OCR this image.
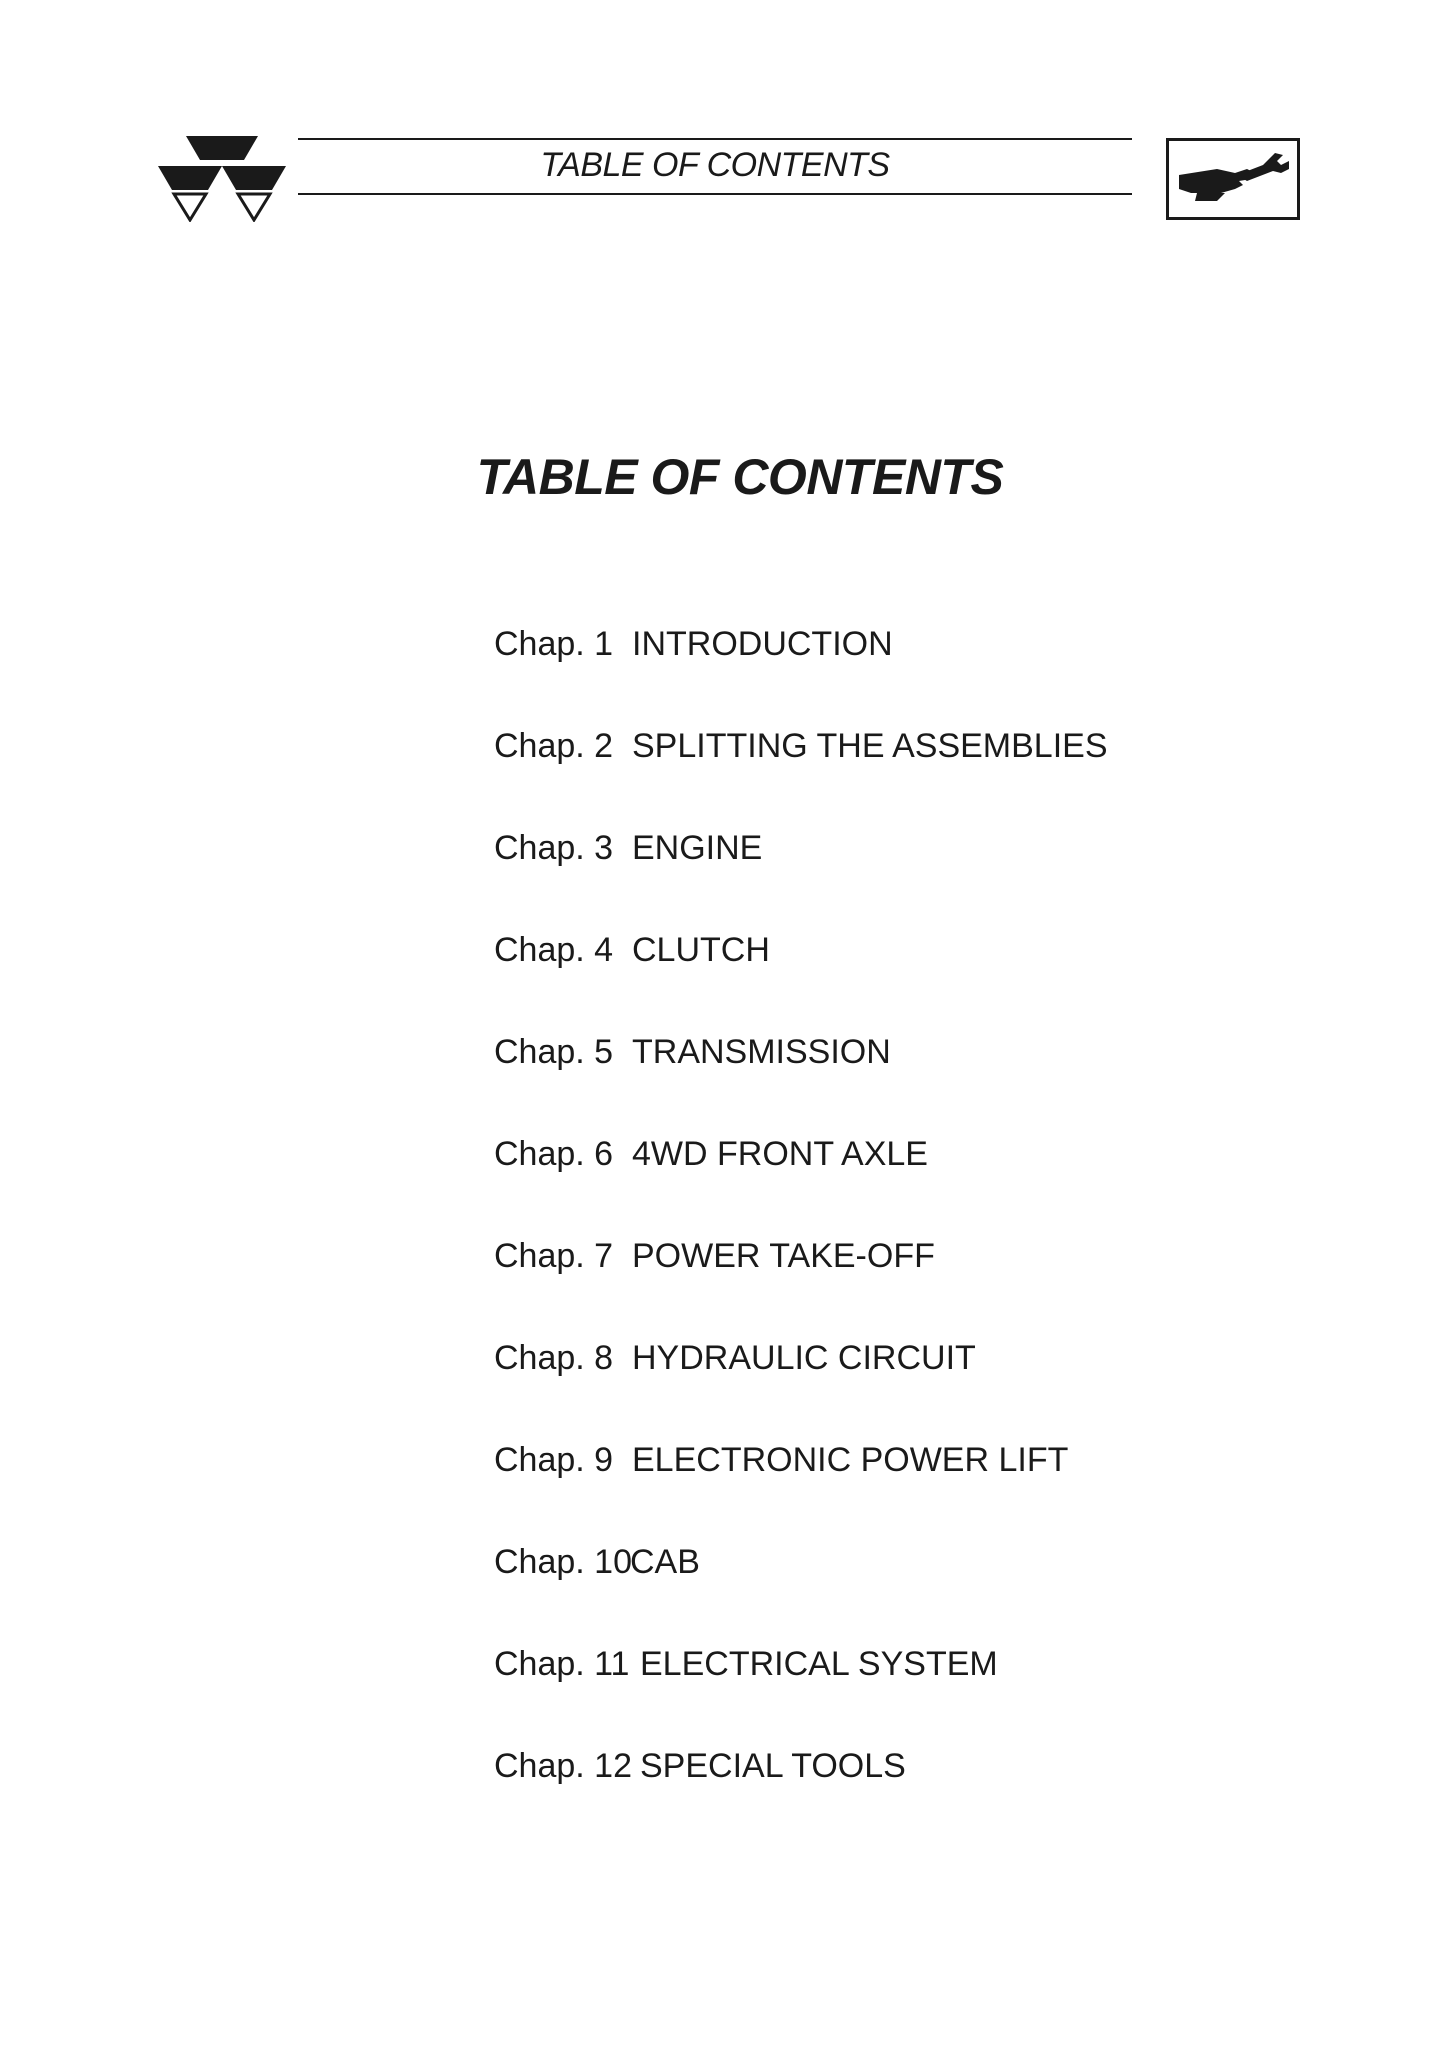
TABLE OF CONTENTS
TABLE OF CONTENTS
Chap. 1 INTRODUCTION
Chap. 2 SPLITTING THE ASSEMBLIES
Chap. 3 ENGINE
Chap. 4 CLUTCH
Chap. 5 TRANSMISSION
Chap. 6 4WD FRONT AXLE
Chap. 7 POWER TAKE-OFF
Chap. 8 HYDRAULIC CIRCUIT
Chap. 9 ELECTRONIC POWER LIFT
Chap. 10
CAB
Chap. 11 ELECTRICAL SYSTEM
Chap. 12 SPECIAL TOOLS
